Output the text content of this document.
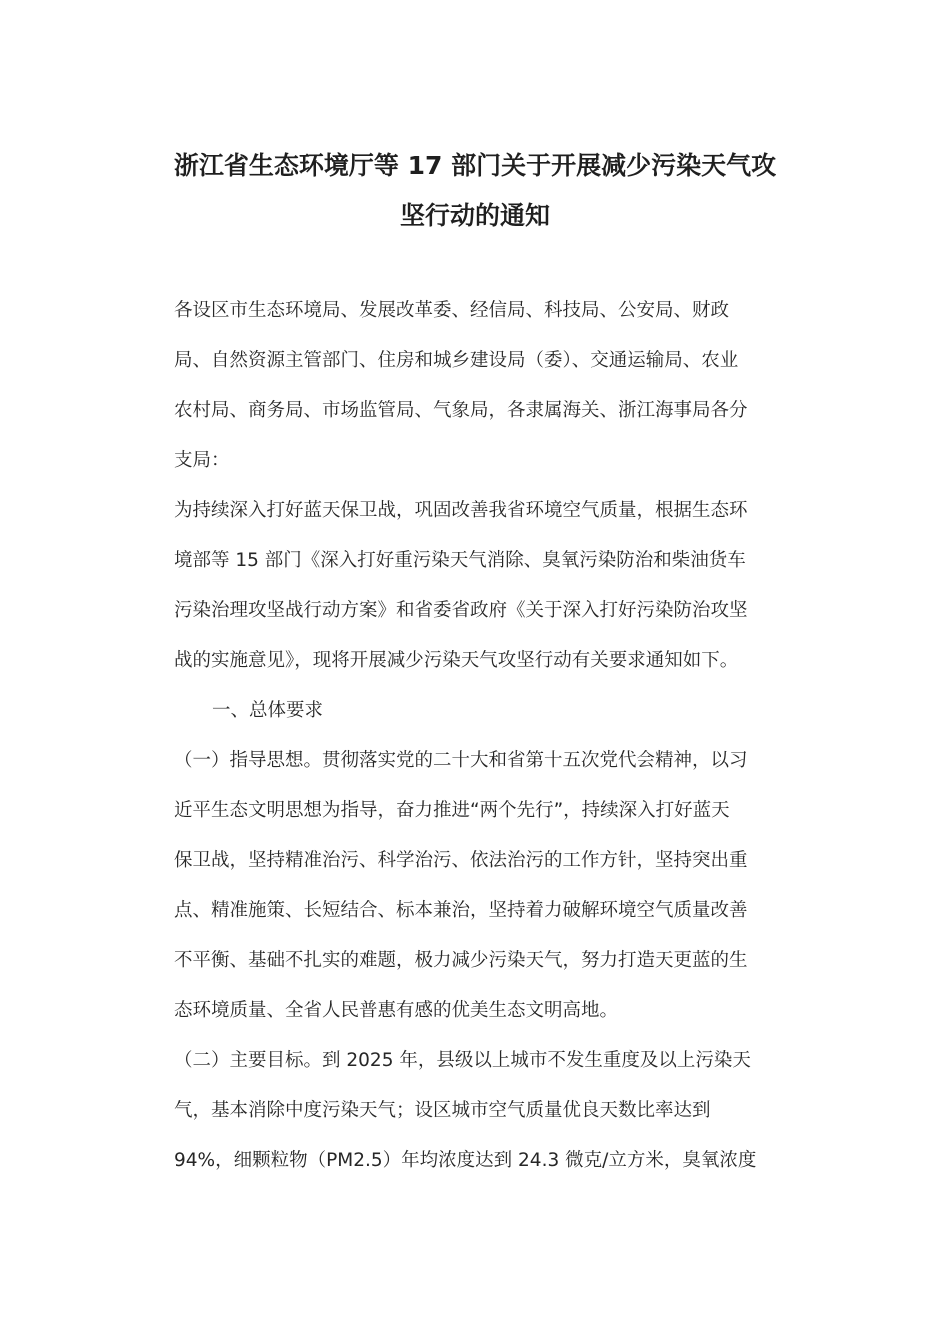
浙江省生态环境厅等 17 部门关于开展减少污染天气攻
坚行动的通知
各设区市生态环境局、发展改革委、经信局、科技局、公安局、财政
局、自然资源主管部门、住房和城乡建设局（委）、交通运输局、农业
农村局、商务局、市场监管局、气象局，各隶属海关、浙江海事局各分
支局：
为持续深入打好蓝天保卫战，巩固改善我省环境空气质量，根据生态环
境部等 15 部门《深入打好重污染天气消除、臭氧污染防治和柴油货车
污染治理攻坚战行动方案》和省委省政府《关于深入打好污染防治攻坚
战的实施意见》，现将开展减少污染天气攻坚行动有关要求通知如下。
一、总体要求
（一）指导思想。贯彻落实党的二十大和省第十五次党代会精神，以习
近平生态文明思想为指导，奋力推进“两个先行”，持续深入打好蓝天
保卫战，坚持精准治污、科学治污、依法治污的工作方针，坚持突出重
点、精准施策、长短结合、标本兼治，坚持着力破解环境空气质量改善
不平衡、基础不扎实的难题，极力减少污染天气，努力打造天更蓝的生
态环境质量、全省人民普惠有感的优美生态文明高地。
（二）主要目标。到 2025 年，县级以上城市不发生重度及以上污染天
气，基本消除中度污染天气；设区城市空气质量优良天数比率达到
94%，细颗粒物（PM2.5）年均浓度达到 24.3 微克/立方米，臭氧浓度
